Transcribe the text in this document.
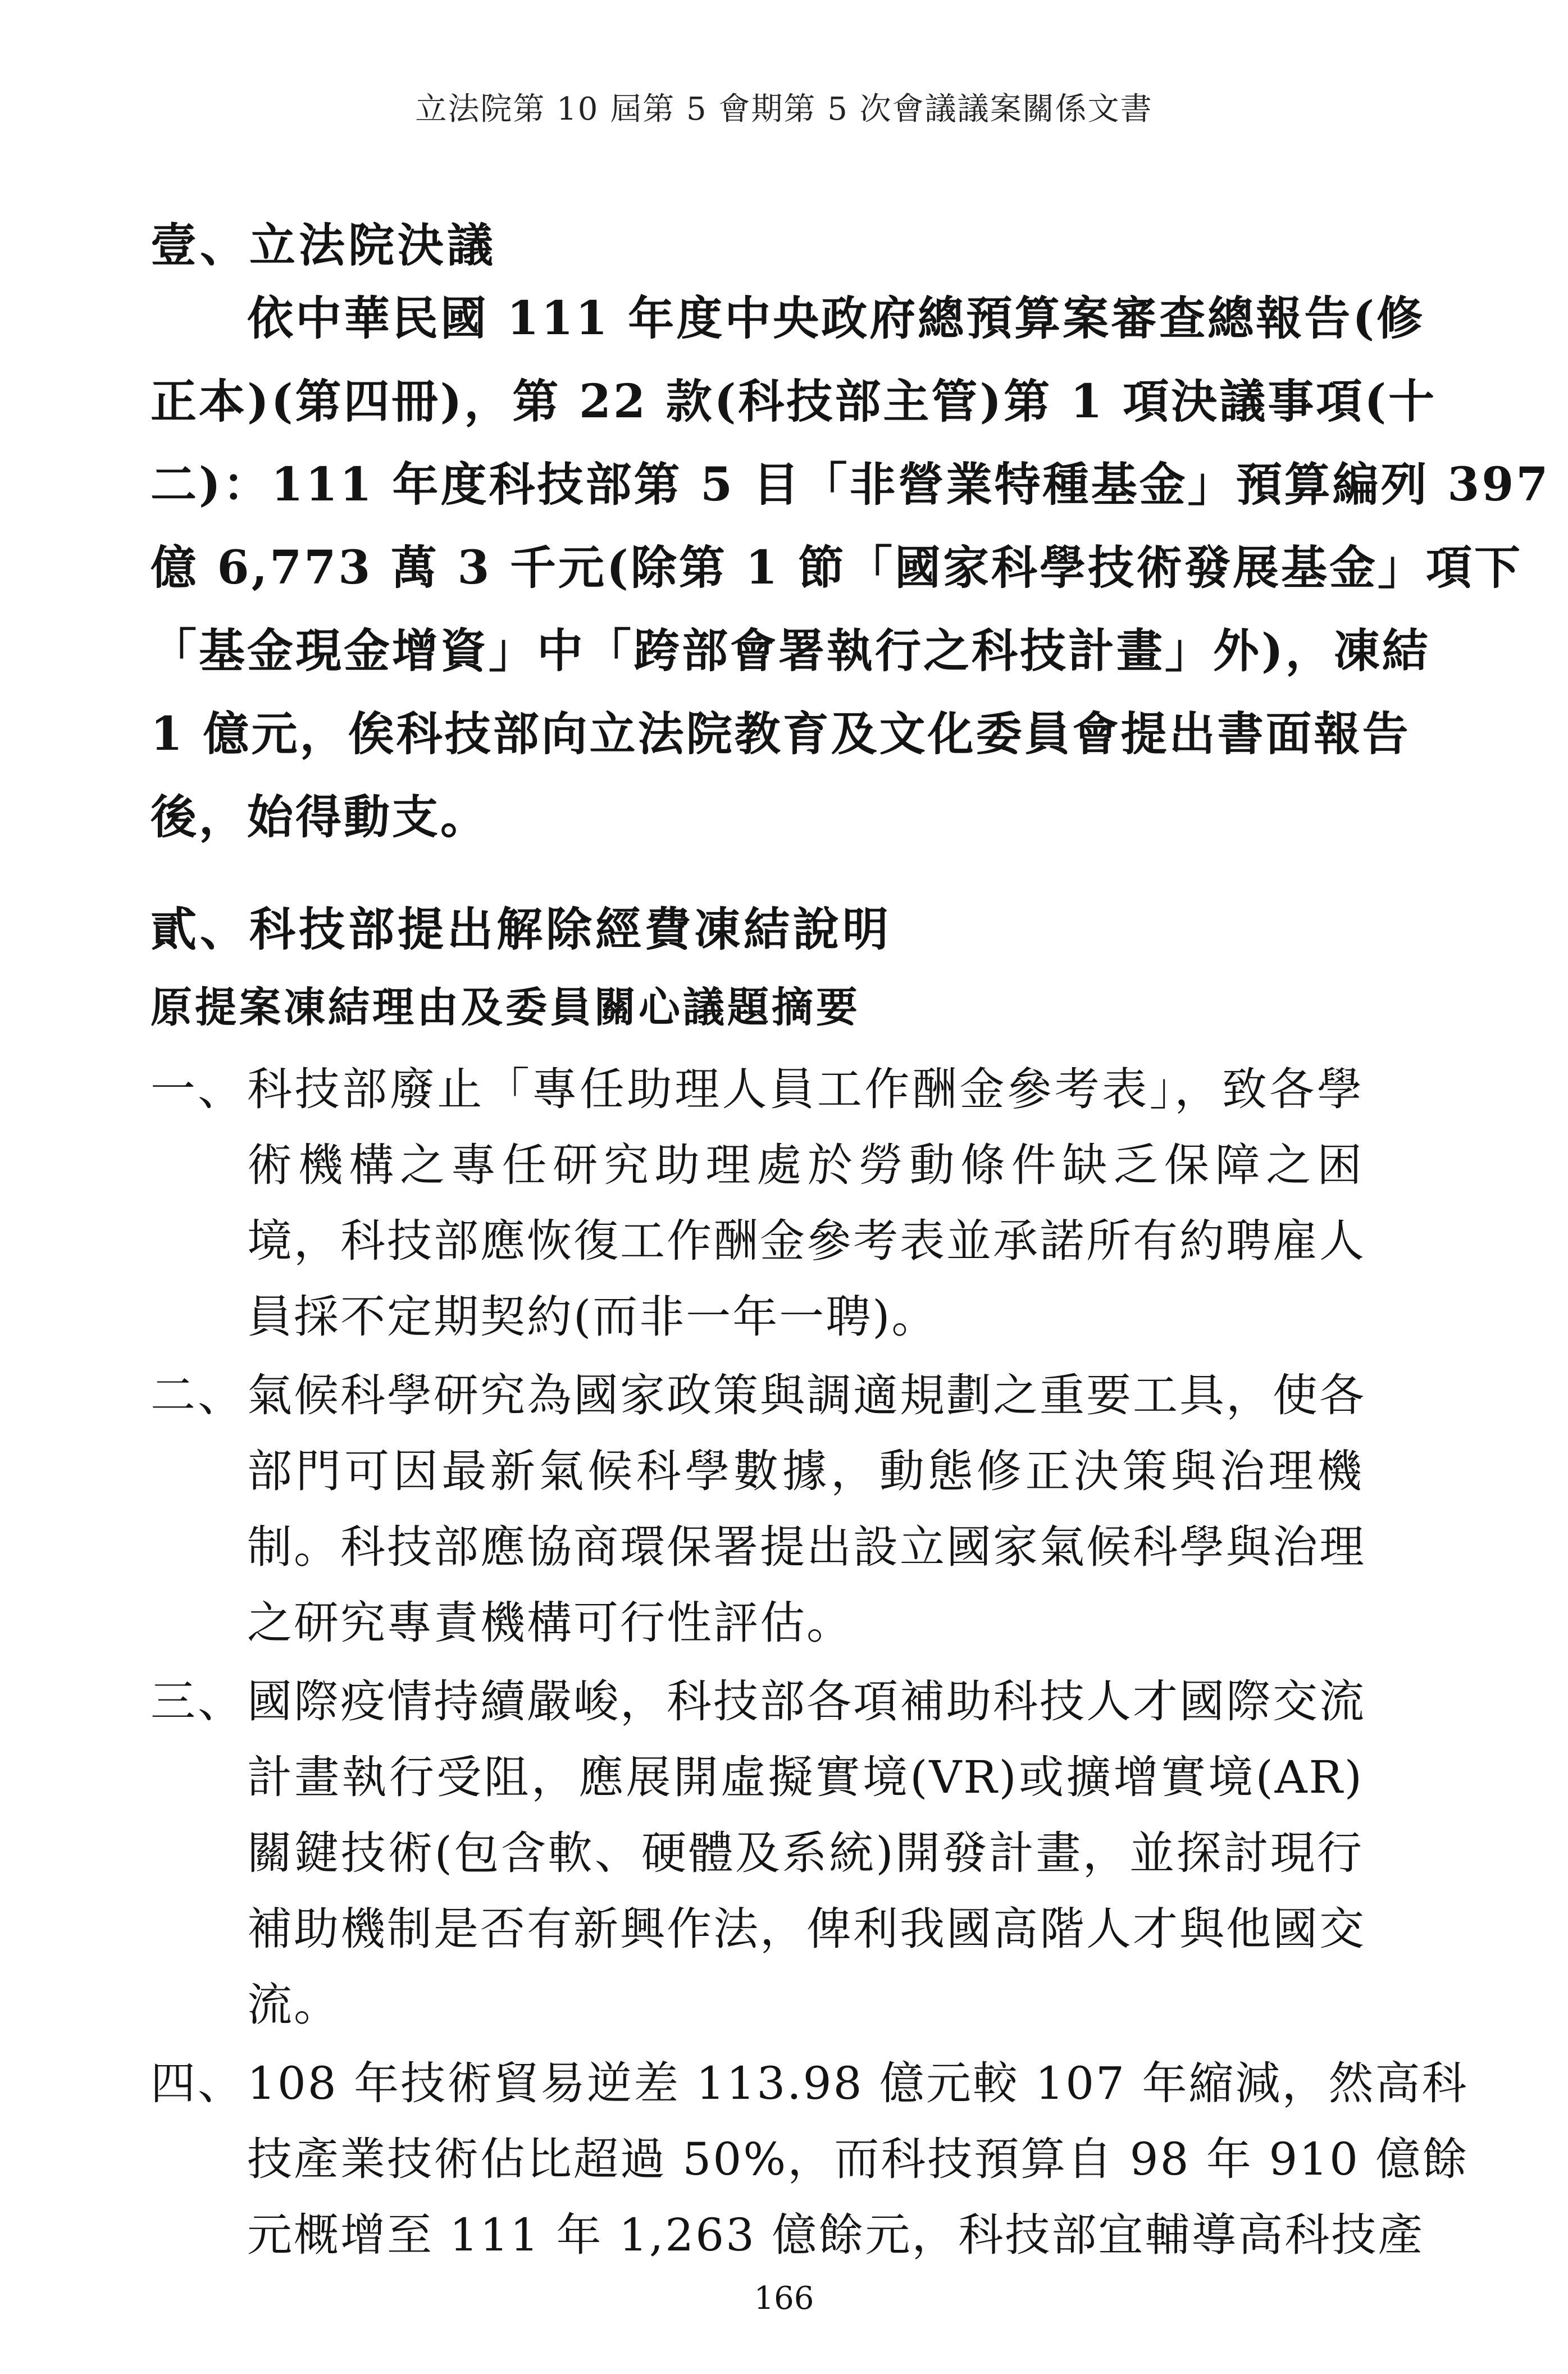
立法院第 10 屆第 5 會期第 5 次會議議案關係文書
壹、立法院決議
依中華民國 111 年度中央政府總預算案審查總報告(修
正本)(第四冊)，第 22 款(科技部主管)第 1 項決議事項(十
二)：111 年度科技部第 5 目「非營業特種基金」預算編列 397
億 6,773 萬 3 千元(除第 1 節「國家科學技術發展基金」項下
「基金現金增資」中「跨部會署執行之科技計畫」外)，凍結
1 億元，俟科技部向立法院教育及文化委員會提出書面報告
後，始得動支。
貳、科技部提出解除經費凍結說明
原提案凍結理由及委員關心議題摘要
一、 科技部廢止「專任助理人員工作酬金參考表」，致各學
術機構之專任研究助理處於勞動條件缺乏保障之困
境，科技部應恢復工作酬金參考表並承諾所有約聘雇人
員採不定期契約(而非一年一聘)。
二、 氣候科學研究為國家政策與調適規劃之重要工具，使各
部門可因最新氣候科學數據，動態修正決策與治理機
制。科技部應協商環保署提出設立國家氣候科學與治理
之研究專責機構可行性評估。
三、 國際疫情持續嚴峻，科技部各項補助科技人才國際交流
計畫執行受阻，應展開虛擬實境(VR)或擴增實境(AR)
關鍵技術(包含軟、硬體及系統)開發計畫，並探討現行
補助機制是否有新興作法，俾利我國高階人才與他國交
流。
四、 108 年技術貿易逆差 113.98 億元較 107 年縮減，然高科
技產業技術佔比超過 50%，而科技預算自 98 年 910 億餘
元概增至 111 年 1,263 億餘元，科技部宜輔導高科技產
166
